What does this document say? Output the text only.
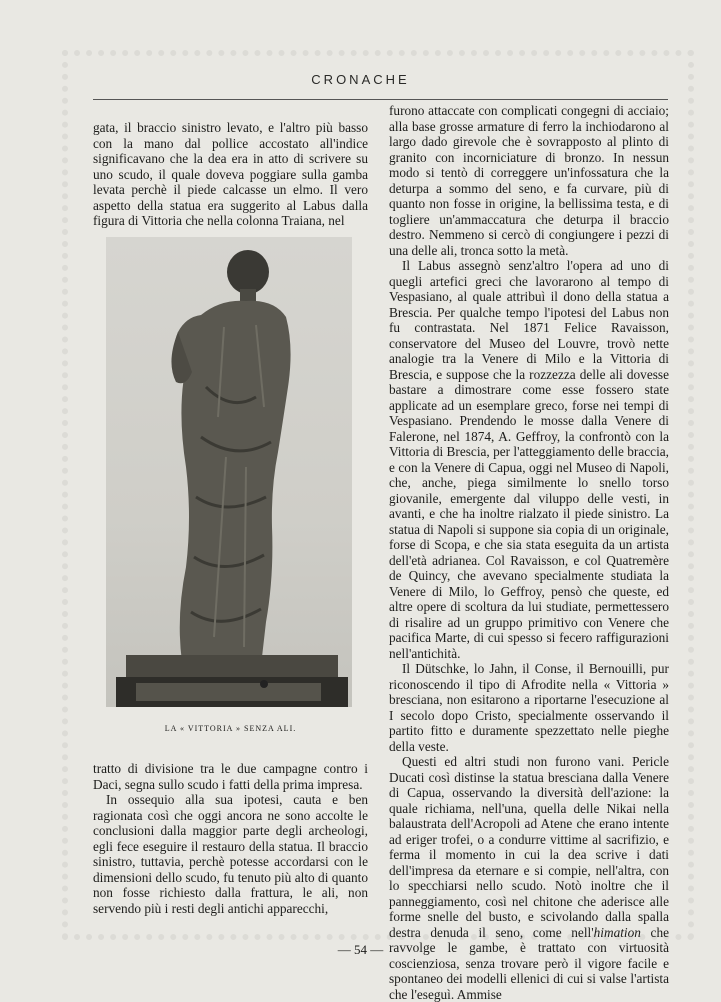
CRONACHE

gata, il braccio sinistro levato, e l'altro più basso con la mano dal pollice accostato all'indice significavano che la dea era in atto di scrivere su uno scudo, il quale doveva poggiare sulla gamba levata perchè il piede calcasse un elmo. Il vero aspetto della statua era suggerito al Labus dalla figura di Vittoria che nella colonna Traiana, nel

LA « VITTORIA » SENZA ALI.

tratto di divisione tra le due campagne contro i Daci, segna sullo scudo i fatti della prima impresa.

In ossequio alla sua ipotesi, cauta e ben ragionata così che oggi ancora ne sono accolte le conclusioni dalla maggior parte degli archeologi, egli fece eseguire il restauro della statua. Il braccio sinistro, tuttavia, perchè potesse accordarsi con le dimensioni dello scudo, fu tenuto più alto di quanto non fosse richiesto dalla frattura, le ali, non servendo più i resti degli antichi apparecchi,

furono attaccate con complicati congegni di acciaio; alla base grosse armature di ferro la inchiodarono al largo dado girevole che è sovrapposto al plinto di granito con incorniciature di bronzo. In nessun modo si tentò di correggere un'infossatura che la deturpa a sommo del seno, e fa curvare, più di quanto non fosse in origine, la bellissima testa, e di togliere un'ammaccatura che deturpa il braccio destro. Nemmeno si cercò di congiungere i pezzi di una delle ali, tronca sotto la metà.

Il Labus assegnò senz'altro l'opera ad uno di quegli artefici greci che lavorarono al tempo di Vespasiano, al quale attribuì il dono della statua a Brescia. Per qualche tempo l'ipotesi del Labus non fu contrastata. Nel 1871 Felice Ravaisson, conservatore del Museo del Louvre, trovò nette analogie tra la Venere di Milo e la Vittoria di Brescia, e suppose che la rozzezza delle ali dovesse bastare a dimostrare come esse fossero state applicate ad un esemplare greco, forse nei tempi di Vespasiano. Prendendo le mosse dalla Venere di Falerone, nel 1874, A. Geffroy, la confrontò con la Vittoria di Brescia, per l'atteggiamento delle braccia, e con la Venere di Capua, oggi nel Museo di Napoli, che, anche, piega similmente lo snello torso giovanile, emergente dal viluppo delle vesti, in avanti, e che ha inoltre rialzato il piede sinistro. La statua di Napoli si suppone sia copia di un originale, forse di Scopa, e che sia stata eseguita da un artista dell'età adrianea. Col Ravaisson, e col Quatremère de Quincy, che avevano specialmente studiata la Venere di Milo, lo Geffroy, pensò che queste, ed altre opere di scoltura da lui studiate, permettessero di risalire ad un gruppo primitivo con Venere che pacifica Marte, di cui spesso si fecero raffigurazioni nell'antichità.

Il Dütschke, lo Jahn, il Conse, il Bernouilli, pur riconoscendo il tipo di Afrodite nella « Vittoria » bresciana, non esitarono a riportarne l'esecuzione al I secolo dopo Cristo, specialmente osservando il partito fitto e duramente spezzettato nelle pieghe della veste.

Questi ed altri studi non furono vani. Pericle Ducati così distinse la statua bresciana dalla Venere di Capua, osservando la diversità dell'azione: la quale richiama, nell'una, quella delle Nikai nella balaustrata dell'Acropoli ad Atene che erano intente ad eriger trofei, o a condurre vittime al sacrifizio, e ferma il momento in cui la dea scrive i dati dell'impresa da eternare e si compie, nell'altra, con lo specchiarsi nello scudo. Notò inoltre che il panneggiamento, così nel chitone che aderisce alle forme snelle del busto, e scivolando dalla spalla destra denuda il seno, come nell'himation che ravvolge le gambe, è trattato con virtuosità coscienziosa, senza trovare però il vigore facile e spontaneo dei modelli ellenici di cui si valse l'artista che l'eseguì. Ammise

— 54 —
